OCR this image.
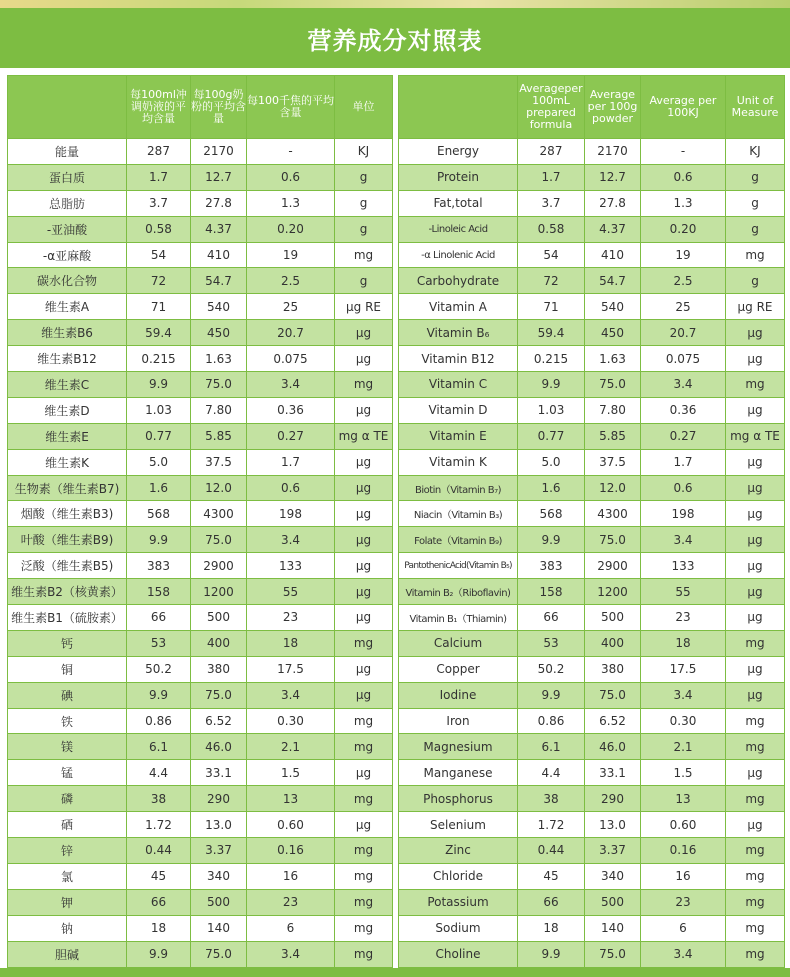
营养成分对照表
	每100ml冲调奶液的平均含量	每100g奶粉的平均含量	每100千焦的平均含量	单位
能量	287	2170	-	KJ
蛋白质	1.7	12.7	0.6	g
总脂肪	3.7	27.8	1.3	g
-亚油酸	0.58	4.37	0.20	g
-α亚麻酸	54	410	19	mg
碳水化合物	72	54.7	2.5	g
维生素A	71	540	25	μg RE
维生素B6	59.4	450	20.7	μg
维生素B12	0.215	1.63	0.075	μg
维生素C	9.9	75.0	3.4	mg
维生素D	1.03	7.80	0.36	μg
维生素E	0.77	5.85	0.27	mg α TE
维生素K	5.0	37.5	1.7	μg
生物素（维生素B7)	1.6	12.0	0.6	μg
烟酸（维生素B3)	568	4300	198	μg
叶酸（维生素B9)	9.9	75.0	3.4	μg
泛酸（维生素B5)	383	2900	133	μg
维生素B2（核黄素）	158	1200	55	μg
维生素B1（硫胺素）	66	500	23	μg
钙	53	400	18	mg
铜	50.2	380	17.5	μg
碘	9.9	75.0	3.4	μg
铁	0.86	6.52	0.30	mg
镁	6.1	46.0	2.1	mg
锰	4.4	33.1	1.5	μg
磷	38	290	13	mg
硒	1.72	13.0	0.60	μg
锌	0.44	3.37	0.16	mg
氯	45	340	16	mg
钾	66	500	23	mg
钠	18	140	6	mg
胆碱	9.9	75.0	3.4	mg
	Averageper 100mL prepared formula	Average per 100g powder	Average per 100KJ	Unit of Measure
Energy	287	2170	-	KJ
Protein	1.7	12.7	0.6	g
Fat,total	3.7	27.8	1.3	g
-Linoleic Acid	0.58	4.37	0.20	g
-α Linolenic Acid	54	410	19	mg
Carbohydrate	72	54.7	2.5	g
Vitamin A	71	540	25	μg RE
Vitamin B₆	59.4	450	20.7	μg
Vitamin B12	0.215	1.63	0.075	μg
Vitamin C	9.9	75.0	3.4	mg
Vitamin D	1.03	7.80	0.36	μg
Vitamin E	0.77	5.85	0.27	mg α TE
Vitamin K	5.0	37.5	1.7	μg
Biotin（Vitamin B₇)	1.6	12.0	0.6	μg
Niacin（Vitamin B₃)	568	4300	198	μg
Folate（Vitamin B₉)	9.9	75.0	3.4	μg
PantothenicAcid(Vitamin B₅)	383	2900	133	μg
Vitamin B₂（Riboflavin)	158	1200	55	μg
Vitamin B₁（Thiamin)	66	500	23	μg
Calcium	53	400	18	mg
Copper	50.2	380	17.5	μg
Iodine	9.9	75.0	3.4	μg
Iron	0.86	6.52	0.30	mg
Magnesium	6.1	46.0	2.1	mg
Manganese	4.4	33.1	1.5	μg
Phosphorus	38	290	13	mg
Selenium	1.72	13.0	0.60	μg
Zinc	0.44	3.37	0.16	mg
Chloride	45	340	16	mg
Potassium	66	500	23	mg
Sodium	18	140	6	mg
Choline	9.9	75.0	3.4	mg
